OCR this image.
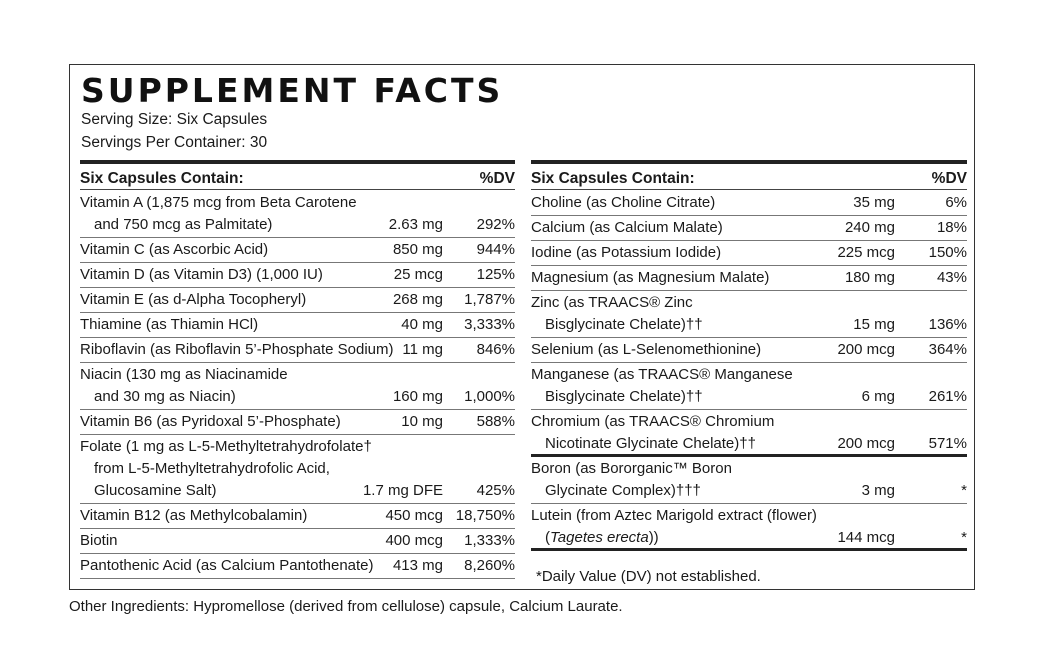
SUPPLEMENT FACTS
Serving Size: Six Capsules
Servings Per Container: 30
Six Capsules Contain:	%DV Six Capsules Contain:	%DV
Vitamin A (1,875 mcg from Beta Carotene
and 750 mcg as Palmitate)	2.63 mg 292%
Vitamin C (as Ascorbic Acid)	850 mg 944%
Vitamin D (as Vitamin D3) (1,000 IU)	25 mcg 125%
Vitamin E (as d-Alpha Tocopheryl)	268 mg 1,787%
Thiamine (as Thiamin HCl)	40 mg 3,333%
Riboflavin (as Riboflavin 5’-Phosphate Sodium) 11 mg 846%
Niacin (130 mg as Niacinamide
and 30 mg as Niacin)	160 mg 1,000%
Vitamin B6 (as Pyridoxal 5’-Phosphate)	10 mg 588%
Folate (1 mg as L-5-Methyltetrahydrofolate†
from L-5-Methyltetrahydrofolic Acid,
Glucosamine Salt)	1.7 mg DFE 425%
Vitamin B12 (as Methylcobalamin)	450 mcg 18,750%
Biotin	400 mcg 1,333%
Pantothenic Acid (as Calcium Pantothenate) 413 mg 8,260%
Choline (as Choline Citrate)	35 mg	6%
Calcium (as Calcium Malate)	240 mg	18%
Iodine (as Potassium Iodide)	225 mcg 150%
Magnesium (as Magnesium Malate)	180 mg	43%
Zinc (as TRAACS® Zinc
Bisglycinate Chelate)††	15 mg 136%
Selenium (as L-Selenomethionine)	200 mcg 364%
Manganese (as TRAACS® Manganese
Bisglycinate Chelate)††	6 mg 261%
Chromium (as TRAACS® Chromium
Nicotinate Glycinate Chelate)††	200 mcg 571%
Boron (as Bororganic™ Boron
Glycinate Complex)†††	3 mg	*
Lutein (from Aztec Marigold extract (flower)
(Tagetes erecta))	144 mcg	*
*Daily Value (DV) not established.
Other Ingredients: Hypromellose (derived from cellulose) capsule, Calcium Laurate.
